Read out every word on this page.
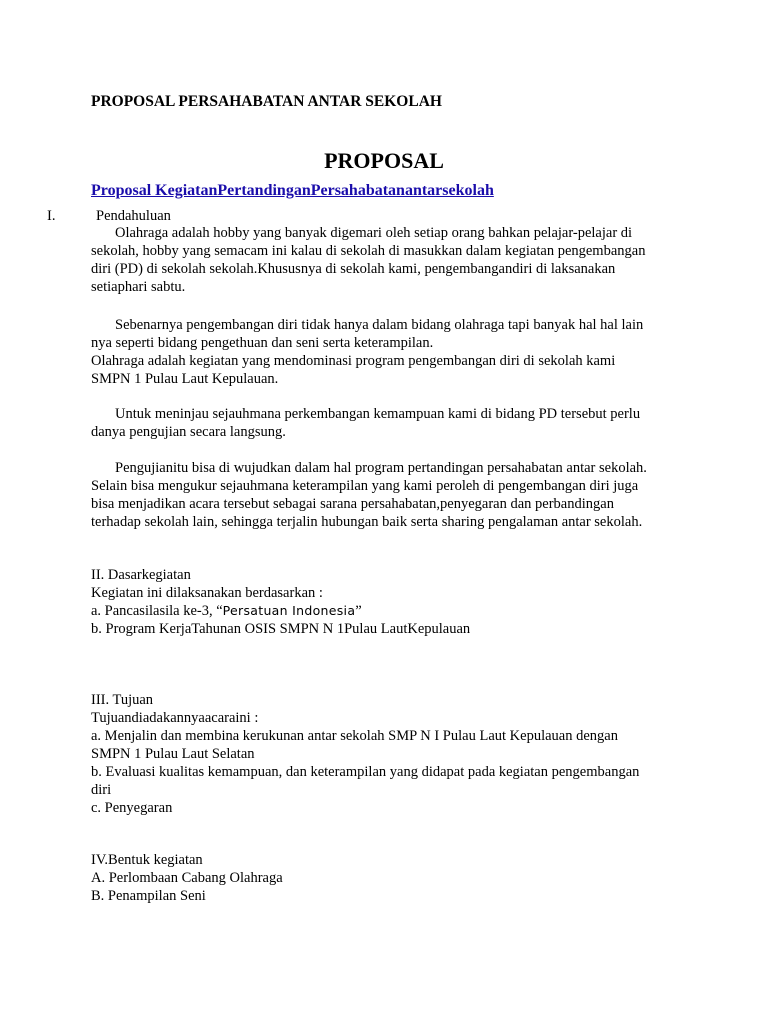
PROPOSAL PERSAHABATAN ANTAR SEKOLAH
PROPOSAL
Proposal KegiatanPertandinganPersahabatanantarsekolah
I.	Pendahuluan
Olahraga adalah hobby yang banyak digemari oleh setiap orang bahkan pelajar-pelajar di
sekolah, hobby yang semacam ini kalau di sekolah di masukkan dalam kegiatan pengembangan
diri (PD) di sekolah sekolah.Khususnya di sekolah kami, pengembangandiri di laksanakan
setiaphari sabtu.
Sebenarnya pengembangan diri tidak hanya dalam bidang olahraga tapi banyak hal hal lain
nya seperti bidang pengethuan dan seni serta keterampilan.
Olahraga adalah kegiatan yang mendominasi program pengembangan diri di sekolah kami
SMPN 1 Pulau Laut Kepulauan.
Untuk meninjau sejauhmana perkembangan kemampuan kami di bidang PD tersebut perlu
danya pengujian secara langsung.
Pengujianitu bisa di wujudkan dalam hal program pertandingan persahabatan antar sekolah.
Selain bisa mengukur sejauhmana keterampilan yang kami peroleh di pengembangan diri juga
bisa menjadikan acara tersebut sebagai sarana persahabatan,penyegaran dan perbandingan
terhadap sekolah lain, sehingga terjalin hubungan baik serta sharing pengalaman antar sekolah.
II. Dasarkegiatan
Kegiatan ini dilaksanakan berdasarkan :
a. Pancasilasila ke-3, “Persatuan Indonesia”
b. Program KerjaTahunan OSIS SMPN N 1Pulau LautKepulauan
III. Tujuan
Tujuandiadakannyaacaraini :
a. Menjalin dan membina kerukunan antar sekolah SMP N I Pulau Laut Kepulauan dengan
SMPN 1 Pulau Laut Selatan
b. Evaluasi kualitas kemampuan, dan keterampilan yang didapat pada kegiatan pengembangan
diri
c. Penyegaran
IV.Bentuk kegiatan
A. Perlombaan Cabang Olahraga
B. Penampilan Seni
